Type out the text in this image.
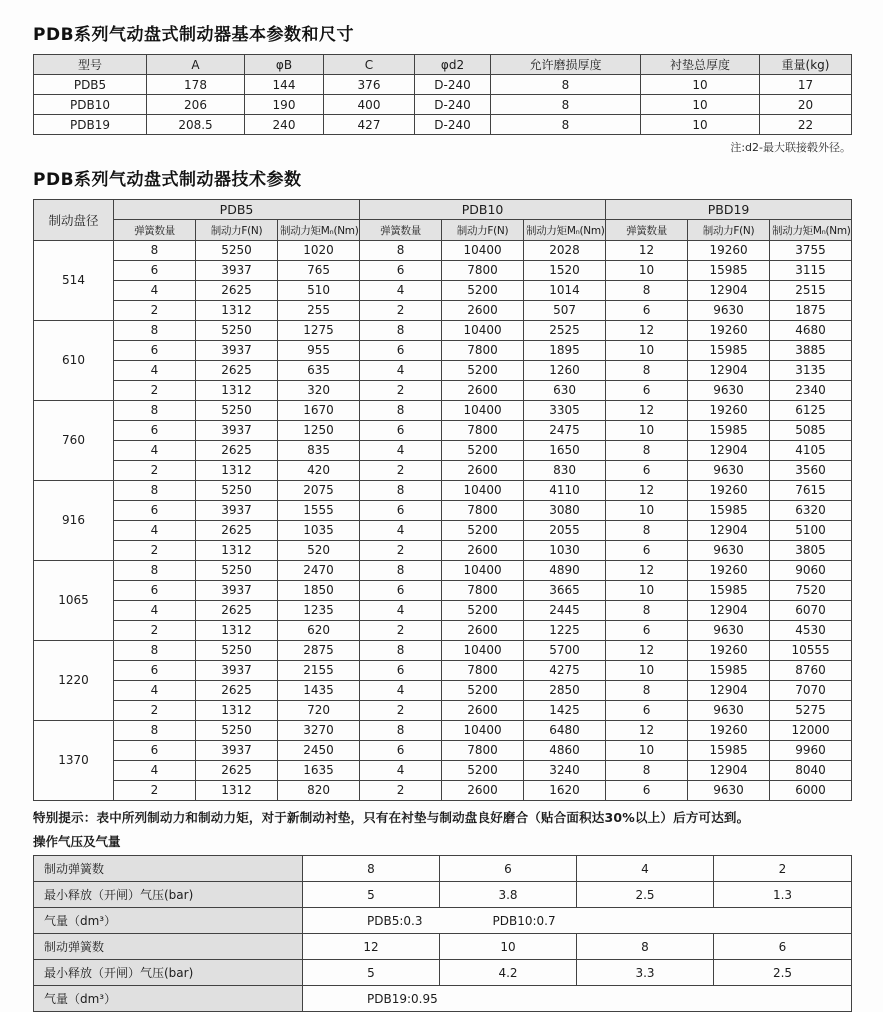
PDB系列气动盘式制动器基本参数和尺寸
型号	A	φB	C	φd2	允许磨损厚度	衬垫总厚度	重量(kg)
PDB5	178	144	376	D-240	8	10	17
PDB10	206	190	400	D-240	8	10	20
PDB19	208.5	240	427	D-240	8	10	22
注:d2-最大联接毂外径。
PDB系列气动盘式制动器技术参数
制动盘径	PDB5			PDB10			PBD19		
	弹簧数量	制动力F(N)	制动力矩Mₙ(Nm)	弹簧数量	制动力F(N)	制动力矩Mₙ(Nm)	弹簧数量	制动力F(N)	制动力矩Mₙ(Nm)
514	8	5250	1020	8	10400	2028	12	19260	3755
	6	3937	765	6	7800	1520	10	15985	3115
	4	2625	510	4	5200	1014	8	12904	2515
	2	1312	255	2	2600	507	6	9630	1875
610	8	5250	1275	8	10400	2525	12	19260	4680
	6	3937	955	6	7800	1895	10	15985	3885
	4	2625	635	4	5200	1260	8	12904	3135
	2	1312	320	2	2600	630	6	9630	2340
760	8	5250	1670	8	10400	3305	12	19260	6125
	6	3937	1250	6	7800	2475	10	15985	5085
	4	2625	835	4	5200	1650	8	12904	4105
	2	1312	420	2	2600	830	6	9630	3560
916	8	5250	2075	8	10400	4110	12	19260	7615
	6	3937	1555	6	7800	3080	10	15985	6320
	4	2625	1035	4	5200	2055	8	12904	5100
	2	1312	520	2	2600	1030	6	9630	3805
1065	8	5250	2470	8	10400	4890	12	19260	9060
	6	3937	1850	6	7800	3665	10	15985	7520
	4	2625	1235	4	5200	2445	8	12904	6070
	2	1312	620	2	2600	1225	6	9630	4530
1220	8	5250	2875	8	10400	5700	12	19260	10555
	6	3937	2155	6	7800	4275	10	15985	8760
	4	2625	1435	4	5200	2850	8	12904	7070
	2	1312	720	2	2600	1425	6	9630	5275
1370	8	5250	3270	8	10400	6480	12	19260	12000
	6	3937	2450	6	7800	4860	10	15985	9960
	4	2625	1635	4	5200	3240	8	12904	8040
	2	1312	820	2	2600	1620	6	9630	6000

特别提示：表中所列制动力和制动力矩，对于新制动衬垫，只有在衬垫与制动盘良好磨合（贴合面积达30%以上）后方可达到。

操作气压及气量

制动弹簧数	8	6	4	2
最小释放（开闸）气压(bar)	5	3.8	2.5	1.3
气量（dm³）	PDB5:0.3 PDB10:0.7			
制动弹簧数	12	10	8	6
最小释放（开闸）气压(bar)	5	4.2	3.3	2.5
气量（dm³）	PDB19:0.95			
